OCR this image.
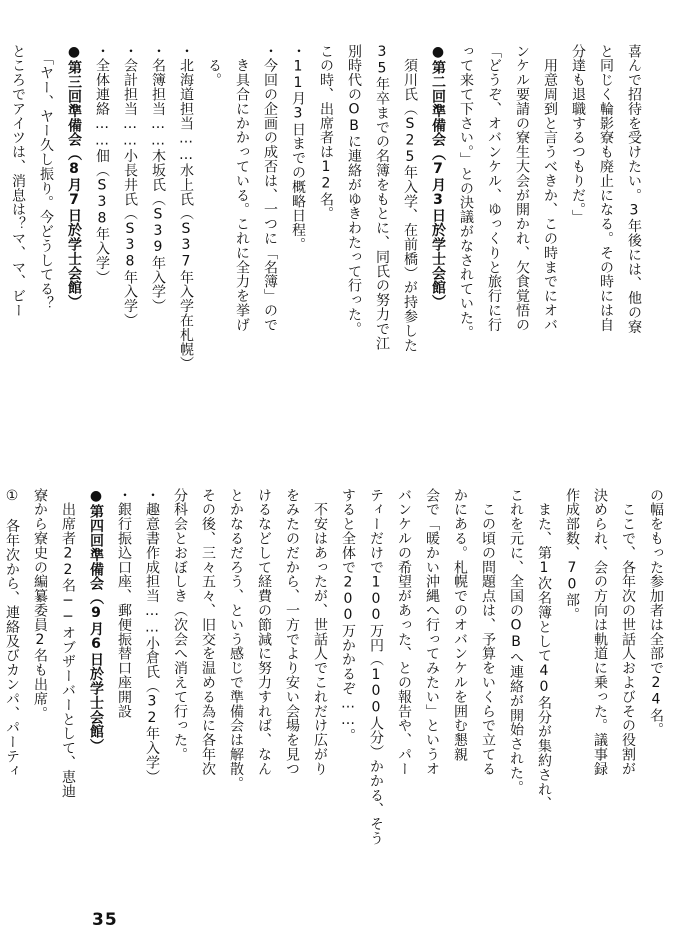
喜んで招待を受けたい。3年後には、他の寮

と同じく輪影寮も廃止になる。その時には自

分達も退職するつもりだ。」

　用意周到と言うべきか、この時までにオバ

ンケル要請の寮生大会が開かれ、欠食覚悟の

「どうぞ、オバンケル、ゆっくりと旅行に行

って来て下さい。」との決議がなされていた。

●第二回準備会（7月3日於学士会館）

　須川氏（S25年入学、在前橋）が持参した

35年卒までの名簿をもとに、同氏の努力で江

別時代のOBに連絡がゆきわたって行った。

この時、出席者は12名。

・11月3日までの概略日程。

・今回の企画の成否は、一つに「名簿」ので

　き具合にかかっている。これに全力を挙げ

　る。

・北海道担当……水上氏（S37年入学在札幌）

・名簿担当……木坂氏（S39年入学）

・会計担当……小長井氏（S38年入学）

・全体連絡……佃（S38年入学）

●第三回準備会（8月7日於学士会館）

　「ヤー、ヤー久し振り。今どうしてる？

ところでアイツは、消息は？マ、マ、ビー

の幅をもった参加者は全部で24名。

　ここで、各年次の世話人およびその役割が

決められ、会の方向は軌道に乗った。議事録

作成部数、70部。

　また、第1次名簿として40名分が集約され、

これを元に、全国のOBへ連絡が開始された。

　この頃の問題点は、予算をいくらで立てる

かにある。札幌でのオバンケルを囲む懇親

会で「暖かい沖縄へ行ってみたい」というオ

バンケルの希望があった、との報告や、パー

ティーだけで100万円（100人分）かかる、そう

すると全体で200万かかるぞ……。

　不安はあったが、世話人でこれだけ広がり

をみたのだから、一方でより安い会場を見つ

けるなどして経費の節減に努力すれば、なん

とかなるだろう、という感じで準備会は解散。

その後、三々五々、旧交を温める為に各年次

分科会とおぼしき（次会へ消えて行った。

・趣意書作成担当……小倉氏（32年入学）

・銀行振込口座、郵便振替口座開設

●第四回準備会（9月6日於学士会館）

　出席者22名──オブザーバーとして、恵迪

寮から寮史の編纂委員2名も出席。

①　各年次から、連絡及びカンパ、パーティ

35
